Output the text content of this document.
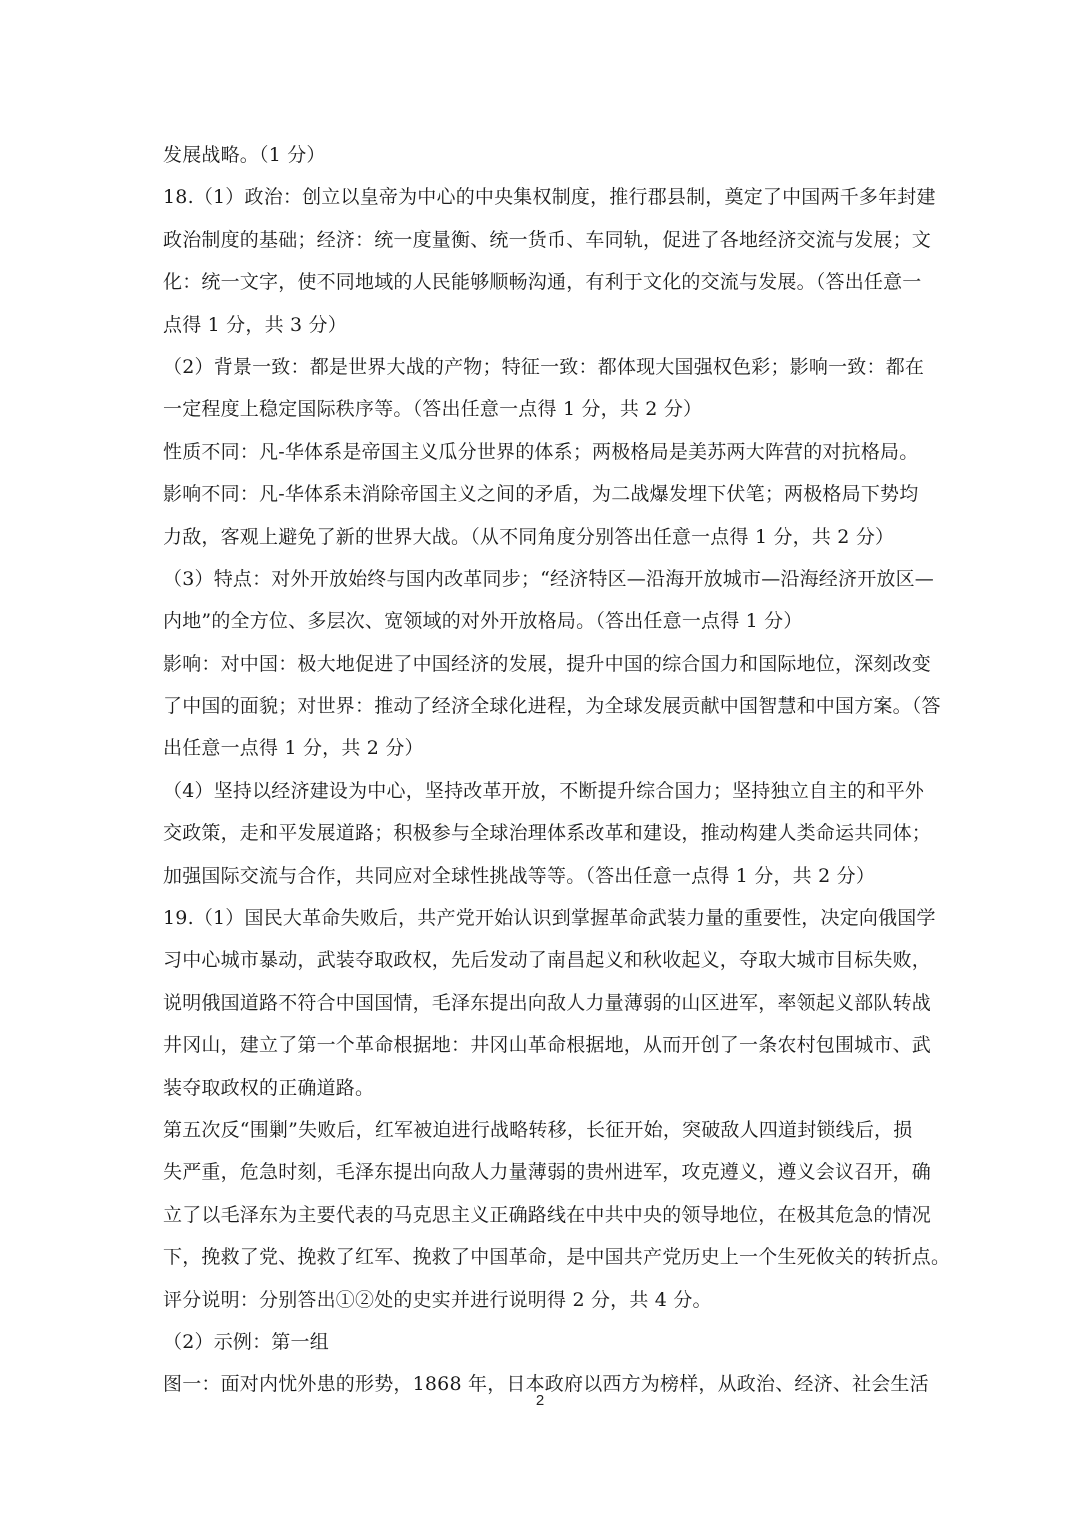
发展战略。（1 分）
18.（1）政治：创立以皇帝为中心的中央集权制度，推行郡县制，奠定了中国两千多年封建
政治制度的基础；经济：统一度量衡、统一货币、车同轨，促进了各地经济交流与发展；文
化：统一文字，使不同地域的人民能够顺畅沟通，有利于文化的交流与发展。（答出任意一
点得 1 分，共 3 分）
（2）背景一致：都是世界大战的产物；特征一致：都体现大国强权色彩；影响一致：都在
一定程度上稳定国际秩序等。（答出任意一点得 1 分，共 2 分）
性质不同：凡-华体系是帝国主义瓜分世界的体系；两极格局是美苏两大阵营的对抗格局。
影响不同：凡-华体系未消除帝国主义之间的矛盾，为二战爆发埋下伏笔；两极格局下势均
力敌，客观上避免了新的世界大战。（从不同角度分别答出任意一点得 1 分，共 2 分）
（3）特点：对外开放始终与国内改革同步；“经济特区—沿海开放城市—沿海经济开放区—
内地”的全方位、多层次、宽领域的对外开放格局。（答出任意一点得 1 分）
影响：对中国：极大地促进了中国经济的发展，提升中国的综合国力和国际地位，深刻改变
了中国的面貌；对世界：推动了经济全球化进程，为全球发展贡献中国智慧和中国方案。（答
出任意一点得 1 分，共 2 分）
（4）坚持以经济建设为中心，坚持改革开放，不断提升综合国力；坚持独立自主的和平外
交政策，走和平发展道路；积极参与全球治理体系改革和建设，推动构建人类命运共同体；
加强国际交流与合作，共同应对全球性挑战等等。（答出任意一点得 1 分，共 2 分）
19.（1）国民大革命失败后，共产党开始认识到掌握革命武装力量的重要性，决定向俄国学
习中心城市暴动，武装夺取政权，先后发动了南昌起义和秋收起义，夺取大城市目标失败，
说明俄国道路不符合中国国情，毛泽东提出向敌人力量薄弱的山区进军，率领起义部队转战
井冈山，建立了第一个革命根据地：井冈山革命根据地，从而开创了一条农村包围城市、武
装夺取政权的正确道路。
第五次反“围剿”失败后，红军被迫进行战略转移，长征开始，突破敌人四道封锁线后，损
失严重，危急时刻，毛泽东提出向敌人力量薄弱的贵州进军，攻克遵义，遵义会议召开，确
立了以毛泽东为主要代表的马克思主义正确路线在中共中央的领导地位，在极其危急的情况
下，挽救了党、挽救了红军、挽救了中国革命，是中国共产党历史上一个生死攸关的转折点。
评分说明：分别答出①②处的史实并进行说明得 2 分，共 4 分。
（2）示例：第一组
图一：面对内忧外患的形势，1868 年，日本政府以西方为榜样，从政治、经济、社会生活
2
